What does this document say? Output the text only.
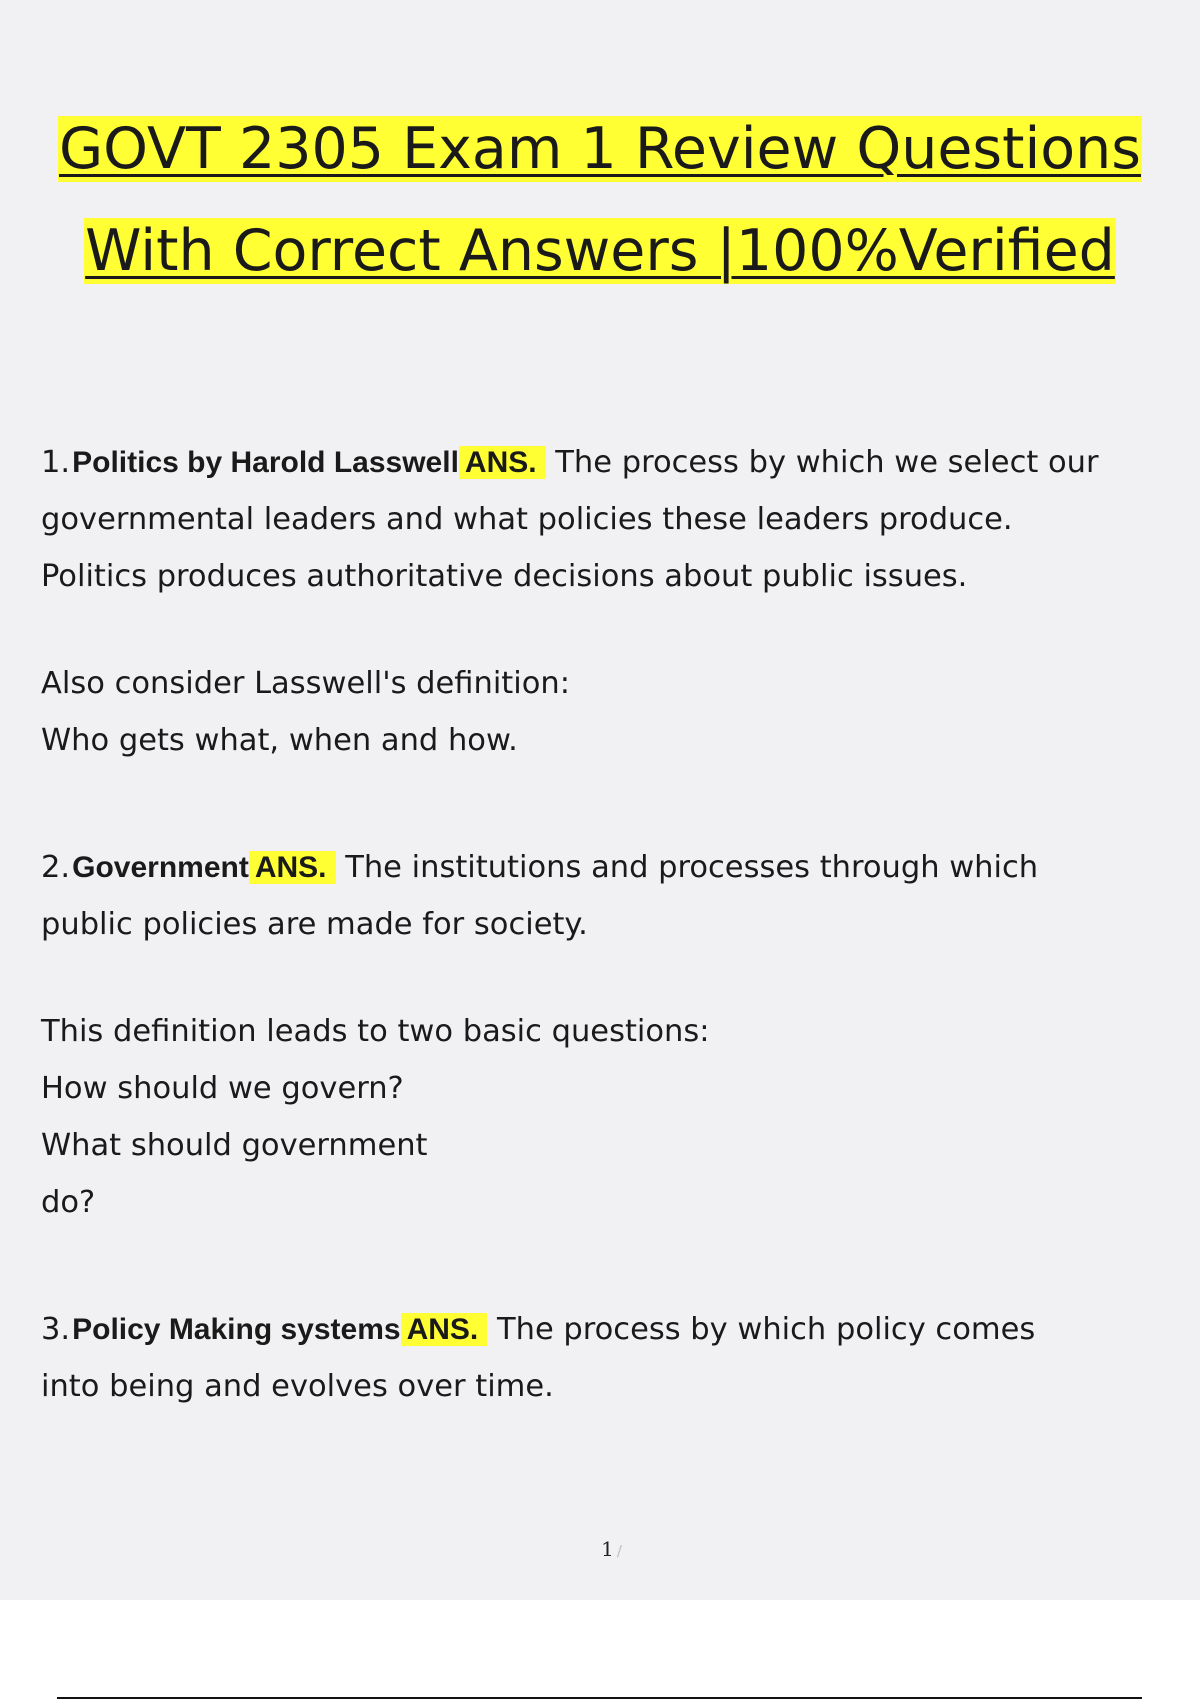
GOVT 2305 Exam 1 Review Questions
With Correct Answers |100%Verified

1.Politics by Harold Lasswell ANS. The process by which we select our governmental leaders and what policies these leaders produce. Politics produces authoritative decisions about public issues.

Also consider Lasswell's definition:

Who gets what, when and how.

2.Government ANS. The institutions and processes through which public policies are made for society.

This definition leads to two basic questions:

How should we govern?

What should government

do?

3.Policy Making systems ANS. The process by which policy comes into being and evolves over time.

1 /
